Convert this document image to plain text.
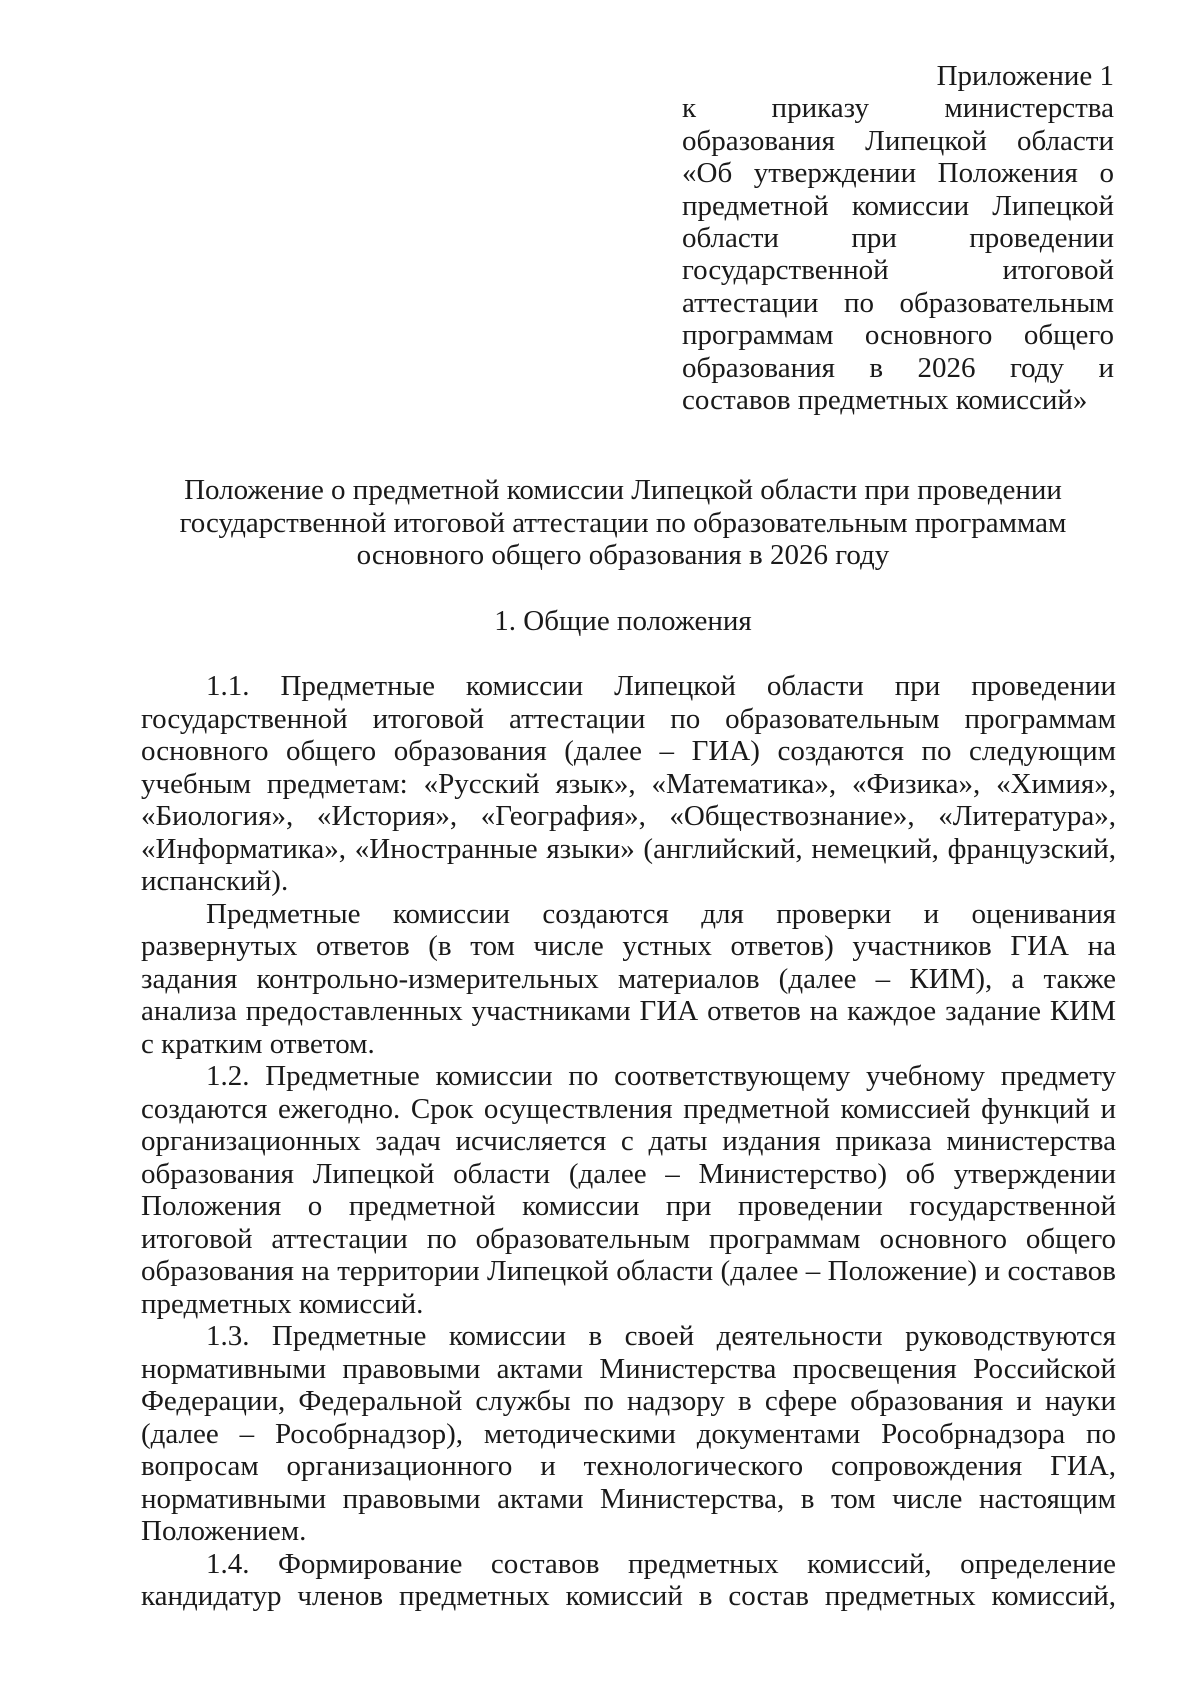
Приложение 1
к приказу министерства образования Липецкой области «Об утверждении Положения о предметной комиссии Липецкой области при проведении государственной итоговой аттестации по образовательным программам основного общего образования в 2026 году и составов предметных комиссий»
Положение о предметной комиссии Липецкой области при проведении
государственной итоговой аттестации по образовательным программам
основного общего образования в 2026 году
1. Общие положения

1.1. Предметные комиссии Липецкой области при проведении государственной итоговой аттестации по образовательным программам основного общего образования (далее – ГИА) создаются по следующим учебным предметам: «Русский язык», «Математика», «Физика», «Химия», «Биология», «История», «География», «Обществознание», «Литература», «Информатика», «Иностранные языки» (английский, немецкий, французский, испанский).

Предметные комиссии создаются для проверки и оценивания развернутых ответов (в том числе устных ответов) участников ГИА на задания контрольно-измерительных материалов (далее – КИМ), а также анализа предоставленных участниками ГИА ответов на каждое задание КИМ с кратким ответом.

1.2. Предметные комиссии по соответствующему учебному предмету создаются ежегодно. Срок осуществления предметной комиссией функций и организационных задач исчисляется с даты издания приказа министерства образования Липецкой области (далее – Министерство) об утверждении Положения о предметной комиссии при проведении государственной итоговой аттестации по образовательным программам основного общего образования на территории Липецкой области (далее – Положение) и составов предметных комиссий.

1.3. Предметные комиссии в своей деятельности руководствуются нормативными правовыми актами Министерства просвещения Российской Федерации, Федеральной службы по надзору в сфере образования и науки (далее – Рособрнадзор), методическими документами Рособрнадзора по вопросам организационного и технологического сопровождения ГИА, нормативными правовыми актами Министерства, в том числе настоящим Положением.

1.4. Формирование составов предметных комиссий, определение кандидатур членов предметных комиссий в состав предметных комиссий,
